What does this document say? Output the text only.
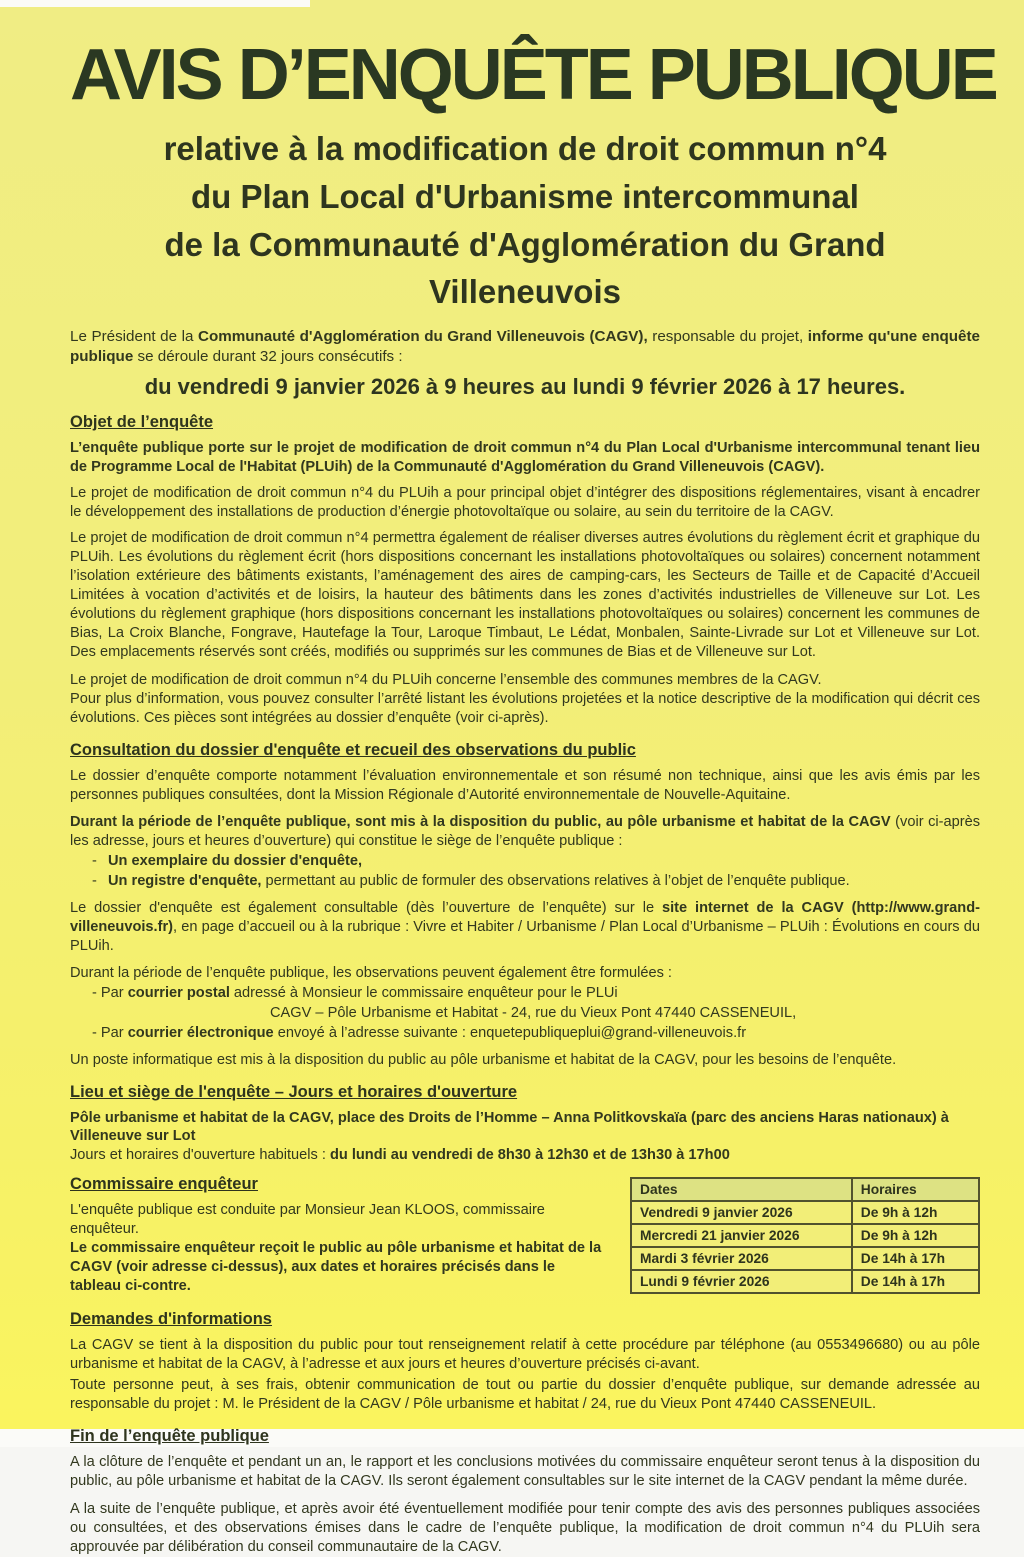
AVIS D’ENQUÊTE PUBLIQUE
relative à la modification de droit commun n°4
du Plan Local d'Urbanisme intercommunal
de la Communauté d'Agglomération du Grand Villeneuvois

Le Président de la Communauté d'Agglomération du Grand Villeneuvois (CAGV), responsable du projet, informe qu'une enquête publique se déroule durant 32 jours consécutifs :

du vendredi 9 janvier 2026 à 9 heures au lundi 9 février 2026 à 17 heures.

Objet de l’enquête

L’enquête publique porte sur le projet de modification de droit commun n°4 du Plan Local d'Urbanisme intercommunal tenant lieu de Programme Local de l'Habitat (PLUih) de la Communauté d'Agglomération du Grand Villeneuvois (CAGV).

Le projet de modification de droit commun n°4 du PLUih a pour principal objet d’intégrer des dispositions réglementaires, visant à encadrer le développement des installations de production d’énergie photovoltaïque ou solaire, au sein du territoire de la CAGV.

Le projet de modification de droit commun n°4 permettra également de réaliser diverses autres évolutions du règlement écrit et graphique du PLUih. Les évolutions du règlement écrit (hors dispositions concernant les installations photovoltaïques ou solaires) concernent notamment l’isolation extérieure des bâtiments existants, l’aménagement des aires de camping-cars, les Secteurs de Taille et de Capacité d’Accueil Limitées à vocation d’activités et de loisirs, la hauteur des bâtiments dans les zones d’activités industrielles de Villeneuve sur Lot. Les évolutions du règlement graphique (hors dispositions concernant les installations photovoltaïques ou solaires) concernent les communes de Bias, La Croix Blanche, Fongrave, Hautefage la Tour, Laroque Timbaut, Le Lédat, Monbalen, Sainte-Livrade sur Lot et Villeneuve sur Lot. Des emplacements réservés sont créés, modifiés ou supprimés sur les communes de Bias et de Villeneuve sur Lot.

Le projet de modification de droit commun n°4 du PLUih concerne l’ensemble des communes membres de la CAGV.
Pour plus d’information, vous pouvez consulter l’arrêté listant les évolutions projetées et la notice descriptive de la modification qui décrit ces évolutions. Ces pièces sont intégrées au dossier d’enquête (voir ci-après).

Consultation du dossier d'enquête et recueil des observations du public

Le dossier d’enquête comporte notamment l’évaluation environnementale et son résumé non technique, ainsi que les avis émis par les personnes publiques consultées, dont la Mission Régionale d’Autorité environnementale de Nouvelle-Aquitaine.

Durant la période de l’enquête publique, sont mis à la disposition du public, au pôle urbanisme et habitat de la CAGV (voir ci-après les adresse, jours et heures d’ouverture) qui constitue le siège de l’enquête publique :

- Un exemplaire du dossier d'enquête,
- Un registre d'enquête, permettant au public de formuler des observations relatives à l’objet de l’enquête publique.

Le dossier d'enquête est également consultable (dès l’ouverture de l’enquête) sur le site internet de la CAGV (http://www.grand-villeneuvois.fr), en page d’accueil ou à la rubrique : Vivre et Habiter / Urbanisme / Plan Local d’Urbanisme – PLUih : Évolutions en cours du PLUih.

Durant la période de l’enquête publique, les observations peuvent également être formulées :

- Par courrier postal adressé à Monsieur le commissaire enquêteur pour le PLUi

CAGV – Pôle Urbanisme et Habitat - 24, rue du Vieux Pont 47440 CASSENEUIL,

- Par courrier électronique envoyé à l’adresse suivante : enquetepubliqueplui@grand-villeneuvois.fr

Un poste informatique est mis à la disposition du public au pôle urbanisme et habitat de la CAGV, pour les besoins de l’enquête.

Lieu et siège de l'enquête – Jours et horaires d'ouverture

Pôle urbanisme et habitat de la CAGV, place des Droits de l’Homme – Anna Politkovskaïa (parc des anciens Haras nationaux) à Villeneuve sur Lot
Jours et horaires d'ouverture habituels : du lundi au vendredi de 8h30 à 12h30 et de 13h30 à 17h00

Commissaire enquêteur

L'enquête publique est conduite par Monsieur Jean KLOOS, commissaire enquêteur.
Le commissaire enquêteur reçoit le public au pôle urbanisme et habitat de la CAGV (voir adresse ci-dessus), aux dates et horaires précisés dans le tableau ci-contre.

Demandes d'informations
Dates	Horaires
Vendredi 9 janvier 2026	De 9h à 12h
Mercredi 21 janvier 2026	De 9h à 12h
Mardi 3 février 2026	De 14h à 17h
Lundi 9 février 2026	De 14h à 17h

La CAGV se tient à la disposition du public pour tout renseignement relatif à cette procédure par téléphone (au 0553496680) ou au pôle urbanisme et habitat de la CAGV, à l’adresse et aux jours et heures d’ouverture précisés ci-avant.

Toute personne peut, à ses frais, obtenir communication de tout ou partie du dossier d’enquête publique, sur demande adressée au responsable du projet : M. le Président de la CAGV / Pôle urbanisme et habitat / 24, rue du Vieux Pont 47440 CASSENEUIL.

Fin de l’enquête publique

A la clôture de l’enquête et pendant un an, le rapport et les conclusions motivées du commissaire enquêteur seront tenus à la disposition du public, au pôle urbanisme et habitat de la CAGV. Ils seront également consultables sur le site internet de la CAGV pendant la même durée.

A la suite de l’enquête publique, et après avoir été éventuellement modifiée pour tenir compte des avis des personnes publiques associées ou consultées, et des observations émises dans le cadre de l’enquête publique, la modification de droit commun n°4 du PLUih sera approuvée par délibération du conseil communautaire de la CAGV.
